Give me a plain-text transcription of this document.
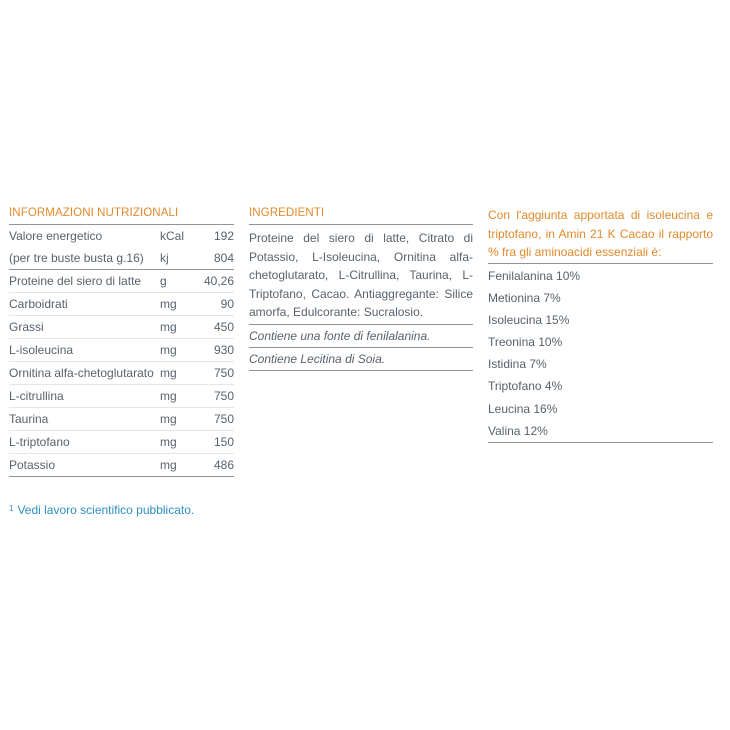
INFORMAZIONI NUTRIZIONALI
Valore energetico	kCal	192
(per tre buste busta g.16)	kj	804
Proteine del siero di latte	g	40,26
Carboidrati	mg	90
Grassi	mg	450
L-isoleucina	mg	930
Ornitina alfa-chetoglutarato mg	750
L-citrullina	mg	750
Taurina	mg	750
L-triptofano	mg	150
Potassio	mg	486
INGREDIENTI
Proteine del siero di latte, Citrato di Potassio, L-Isoleucina, Ornitina alfa-chetoglutarato, L-Citrullina, Taurina, L-Triptofano, Cacao. Antiaggregante: Silice amorfa, Edulcorante: Sucralosio.
Contiene una fonte di fenilalanina.
Contiene Lecitina di Soia.
Con l'aggiunta apportata di isoleucina e triptofano, in Amin 21 K Cacao il rapporto % fra gli aminoacidi essenziali è:
Fenilalanina 10%
Metionina 7%
Isoleucina 15%
Treonina 10%
Istidina 7%
Triptofano 4%
Leucina 16%
Valina 12%
$^1$ Vedi lavoro scientifico pubblicato.
